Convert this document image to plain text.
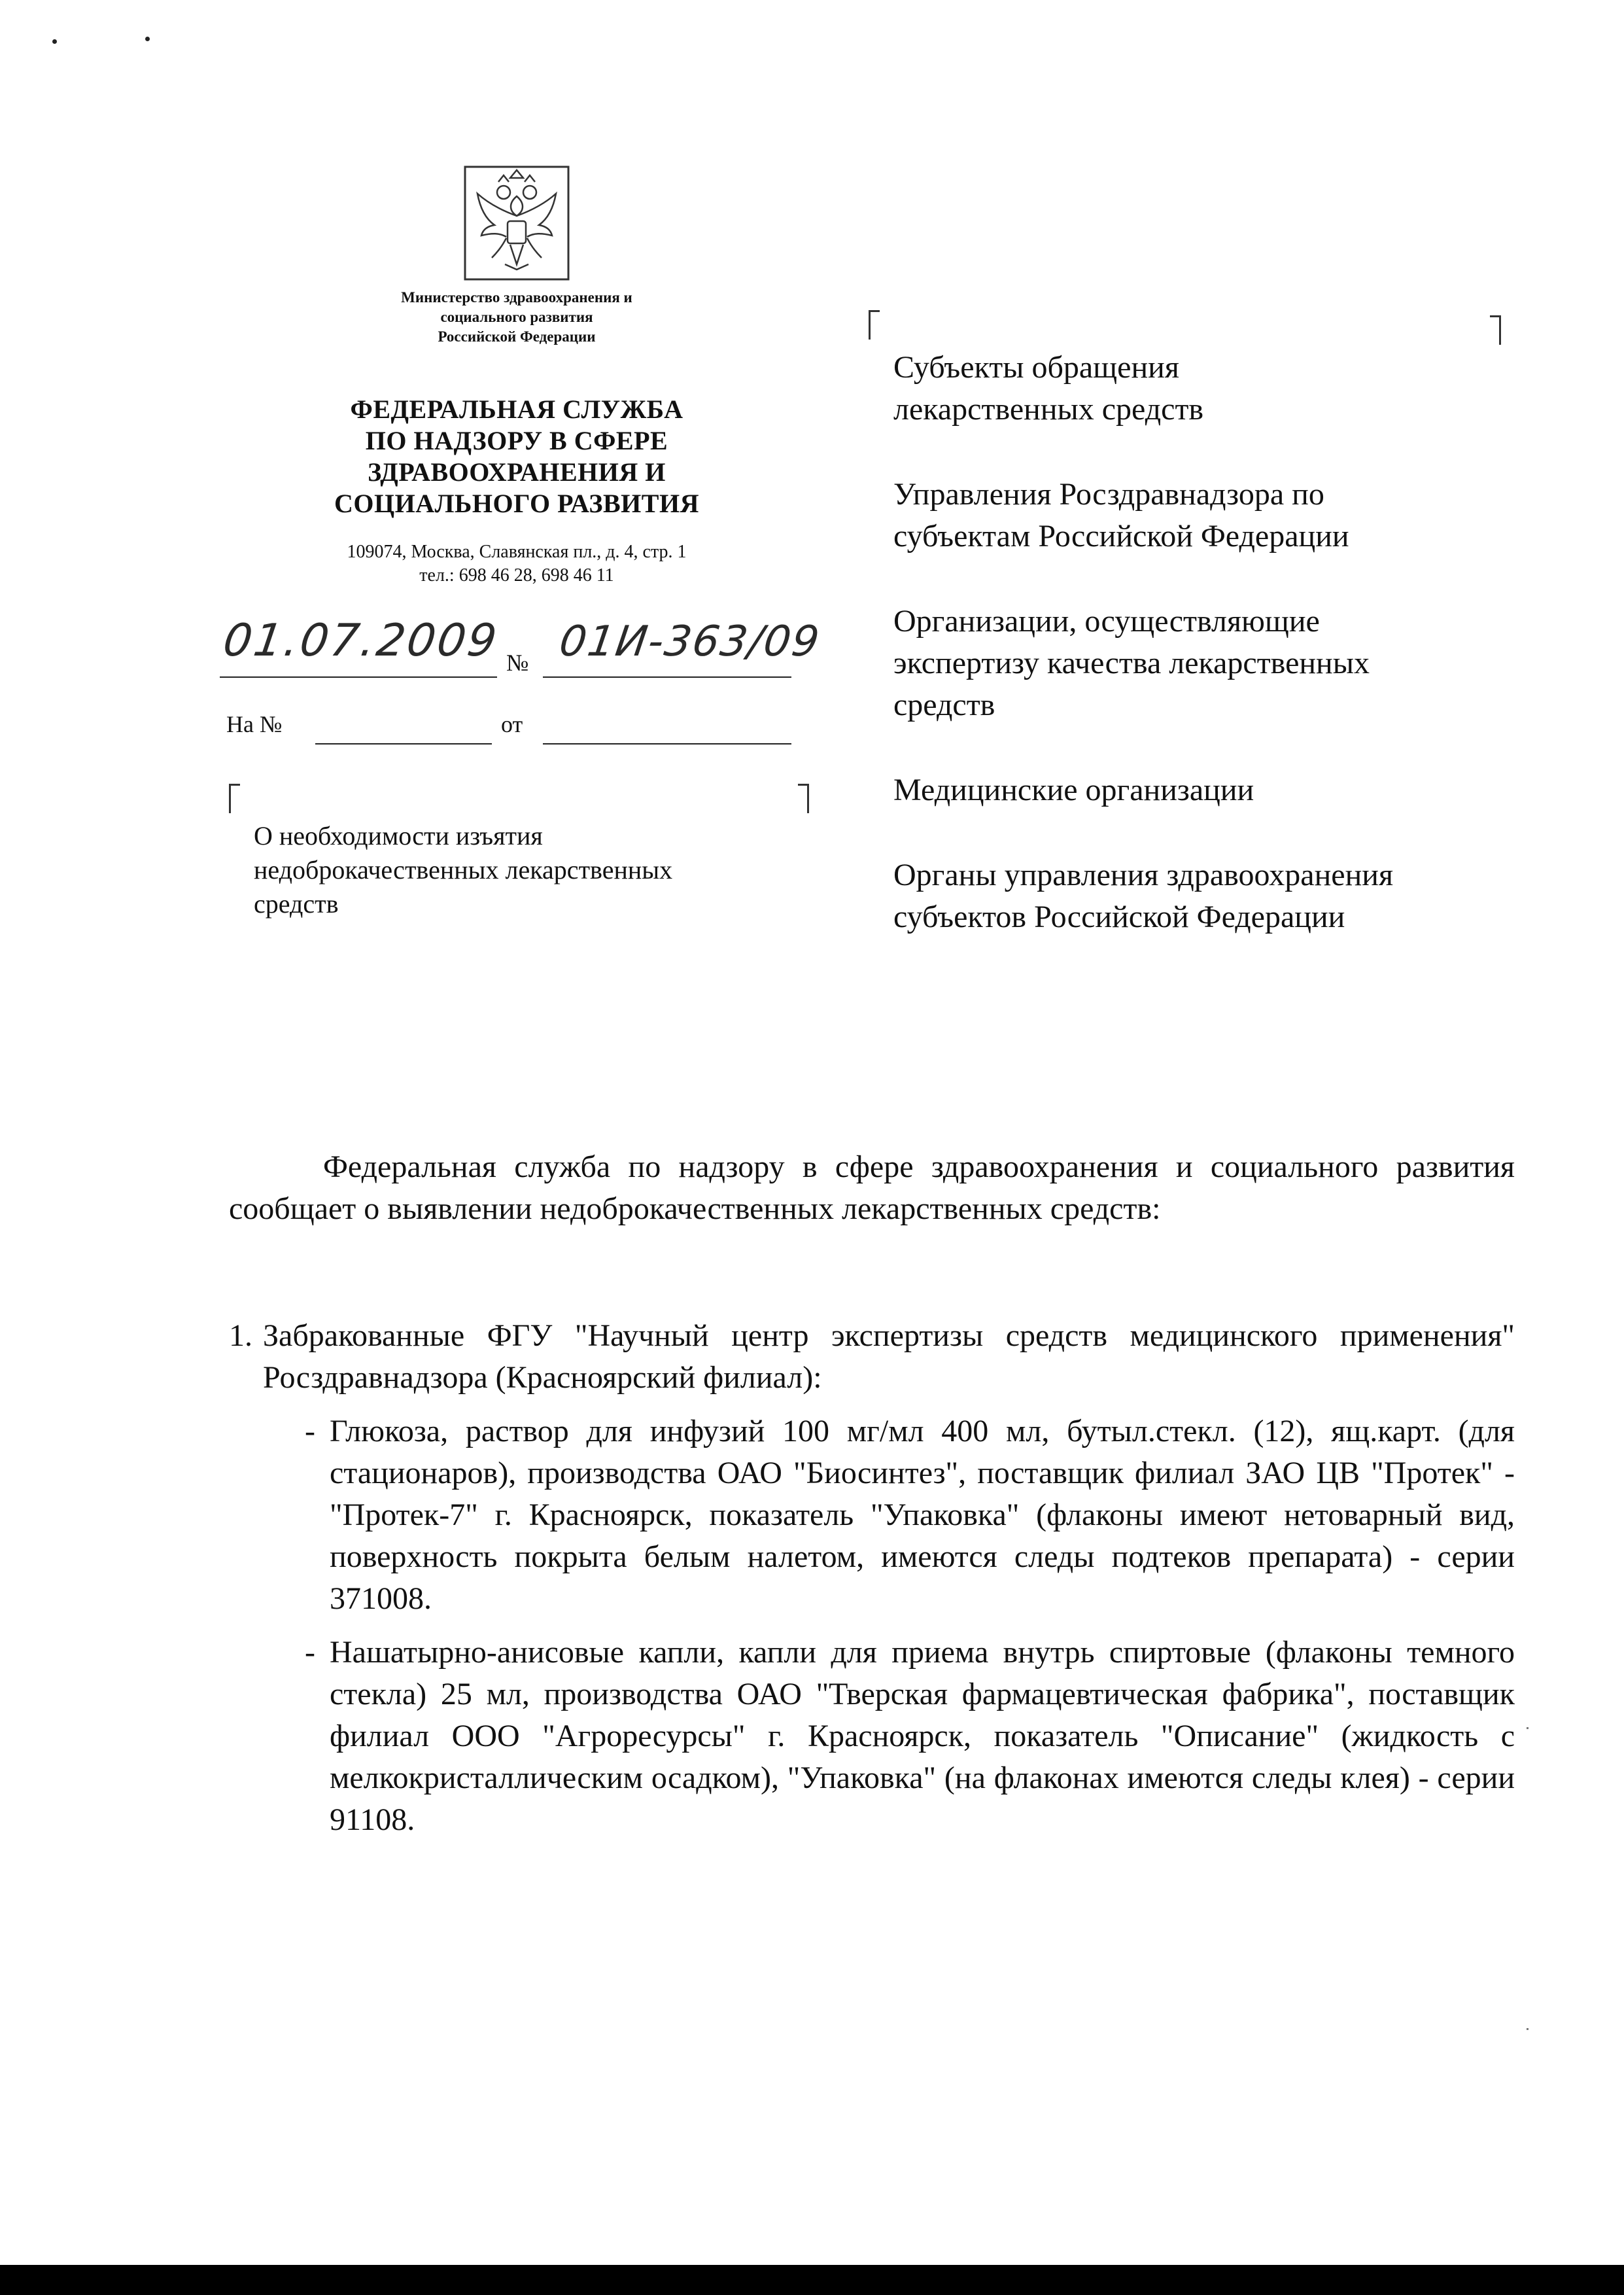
Министерство здравоохранения и
социального развития
Российской Федерации
ФЕДЕРАЛЬНАЯ СЛУЖБА
ПО НАДЗОРУ В СФЕРЕ
ЗДРАВООХРАНЕНИЯ И
СОЦИАЛЬНОГО РАЗВИТИЯ
109074, Москва, Славянская пл., д. 4, стр. 1
тел.: 698 46 28, 698 46 11
01.07.2009 № 01И-363/09
На №	от
О необходимости изъятия
недоброкачественных лекарственных
средств
Субъекты обращения
лекарственных средств
Управления Росздравнадзора по
субъектам Российской Федерации
Организации, осуществляющие
экспертизу качества лекарственных
средств
Медицинские организации
Органы управления здравоохранения
субъектов Российской Федерации

Федеральная служба по надзору в сфере здравоохранения и социального развития сообщает о выявлении недоброкачественных лекарственных средств:

1. Забракованные ФГУ "Научный центр экспертизы средств медицинского применения" Росздравнадзора (Красноярский филиал):
- Глюкоза, раствор для инфузий 100 мг/мл 400 мл, бутыл.стекл. (12), ящ.карт. (для стационаров), производства ОАО "Биосинтез", поставщик филиал ЗАО ЦВ "Протек" - "Протек-7" г. Красноярск, показатель "Упаковка" (флаконы имеют нетоварный вид, поверхность покрыта белым налетом, имеются следы подтеков препарата) - серии 371008.

- Нашатырно-анисовые капли, капли для приема внутрь спиртовые (флаконы темного стекла) 25 мл, производства ОАО "Тверская фармацевтическая фабрика", поставщик филиал ООО "Агроресурсы" г. Красноярск, показатель "Описание" (жидкость с мелкокристаллическим осадком), "Упаковка" (на флаконах имеются следы клея) - серии 91108.
